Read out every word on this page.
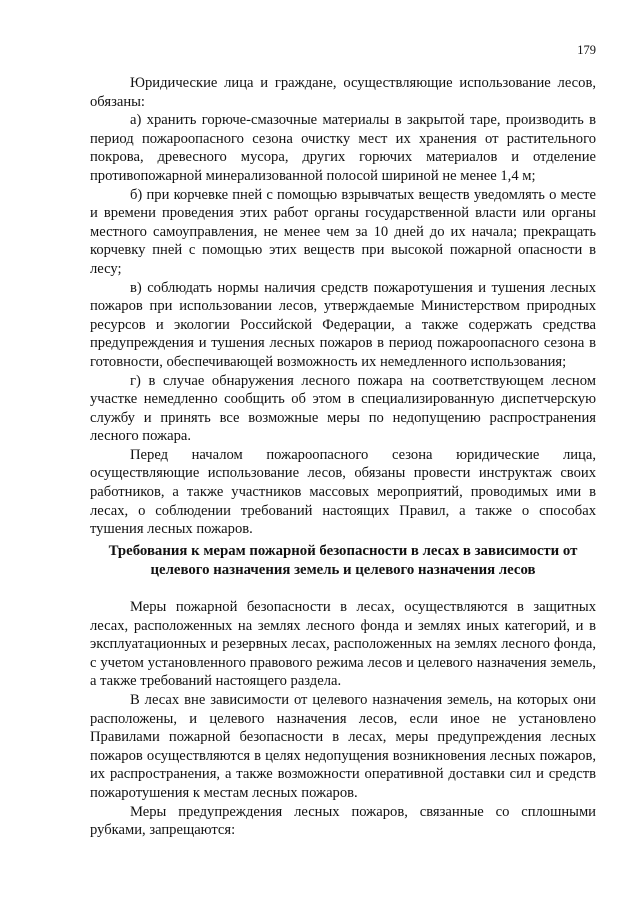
179

Юридические лица и граждане, осуществляющие использование лесов, обязаны:

а) хранить горюче-смазочные материалы в закрытой таре, производить в период пожароопасного сезона очистку мест их хранения от растительного покрова, древесного мусора, других горючих материалов и отделение противопожарной минерализованной полосой шириной не менее 1,4 м;

б) при корчевке пней с помощью взрывчатых веществ уведомлять о месте и времени проведения этих работ органы государственной власти или органы местного самоуправления, не менее чем за 10 дней до их начала; прекращать корчевку пней с помощью этих веществ при высокой пожарной опасности в лесу;

в) соблюдать нормы наличия средств пожаротушения и тушения лесных пожаров при использовании лесов, утверждаемые Министерством природных ресурсов и экологии Российской Федерации, а также содержать средства предупреждения и тушения лесных пожаров в период пожароопасного сезона в готовности, обеспечивающей возможность их немедленного использования;

г) в случае обнаружения лесного пожара на соответствующем лесном участке немедленно сообщить об этом в специализированную диспетчерскую службу и принять все возможные меры по недопущению распространения лесного пожара.

Перед началом пожароопасного сезона юридические лица, осуществляющие использование лесов, обязаны провести инструктаж своих работников, а также участников массовых мероприятий, проводимых ими в лесах, о соблюдении требований настоящих Правил, а также о способах тушения лесных пожаров.

Требования к мерам пожарной безопасности в лесах в зависимости от
целевого назначения земель и целевого назначения лесов

Меры пожарной безопасности в лесах, осуществляются в защитных лесах, расположенных на землях лесного фонда и землях иных категорий, и в эксплуатационных и резервных лесах, расположенных на землях лесного фонда, с учетом установленного правового режима лесов и целевого назначения земель, а также требований настоящего раздела.

В лесах вне зависимости от целевого назначения земель, на которых они расположены, и целевого назначения лесов, если иное не установлено Правилами пожарной безопасности в лесах, меры предупреждения лесных пожаров осуществляются в целях недопущения возникновения лесных пожаров, их распространения, а также возможности оперативной доставки сил и средств пожаротушения к местам лесных пожаров.

Меры предупреждения лесных пожаров, связанные со сплошными рубками, запрещаются:
